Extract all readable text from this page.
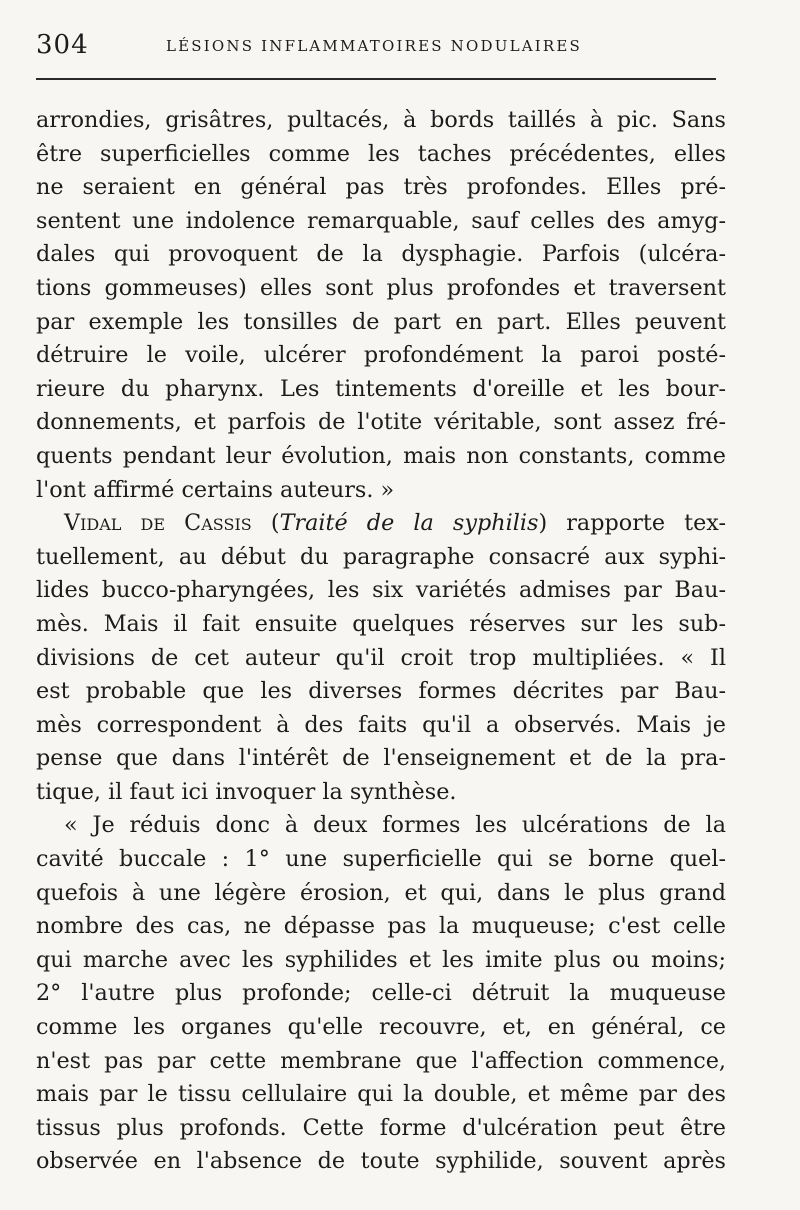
304	LÉSIONS INFLAMMATOIRES NODULAIRES
arrondies, grisâtres, pultacés, à bords taillés à pic. Sans
être superficielles comme les taches précédentes, elles
ne seraient en général pas très profondes. Elles pré-
sentent une indolence remarquable, sauf celles des amyg-
dales qui provoquent de la dysphagie. Parfois (ulcéra-
tions gommeuses) elles sont plus profondes et traversent
par exemple les tonsilles de part en part. Elles peuvent
détruire le voile, ulcérer profondément la paroi posté-
rieure du pharynx. Les tintements d'oreille et les bour-
donnements, et parfois de l'otite véritable, sont assez fré-
quents pendant leur évolution, mais non constants, comme
l'ont affirmé certains auteurs. »
Vidal de Cassis (Traité de la syphilis) rapporte tex-
tuellement, au début du paragraphe consacré aux syphi-
lides bucco-pharyngées, les six variétés admises par Bau-
mès. Mais il fait ensuite quelques réserves sur les sub-
divisions de cet auteur qu'il croit trop multipliées. « Il
est probable que les diverses formes décrites par Bau-
mès correspondent à des faits qu'il a observés. Mais je
pense que dans l'intérêt de l'enseignement et de la pra-
tique, il faut ici invoquer la synthèse.
« Je réduis donc à deux formes les ulcérations de la
cavité buccale : 1° une superficielle qui se borne quel-
quefois à une légère érosion, et qui, dans le plus grand
nombre des cas, ne dépasse pas la muqueuse; c'est celle
qui marche avec les syphilides et les imite plus ou moins;
2° l'autre plus profonde; celle-ci détruit la muqueuse
comme les organes qu'elle recouvre, et, en général, ce
n'est pas par cette membrane que l'affection commence,
mais par le tissu cellulaire qui la double, et même par des
tissus plus profonds. Cette forme d'ulcération peut être
observée en l'absence de toute syphilide, souvent après
